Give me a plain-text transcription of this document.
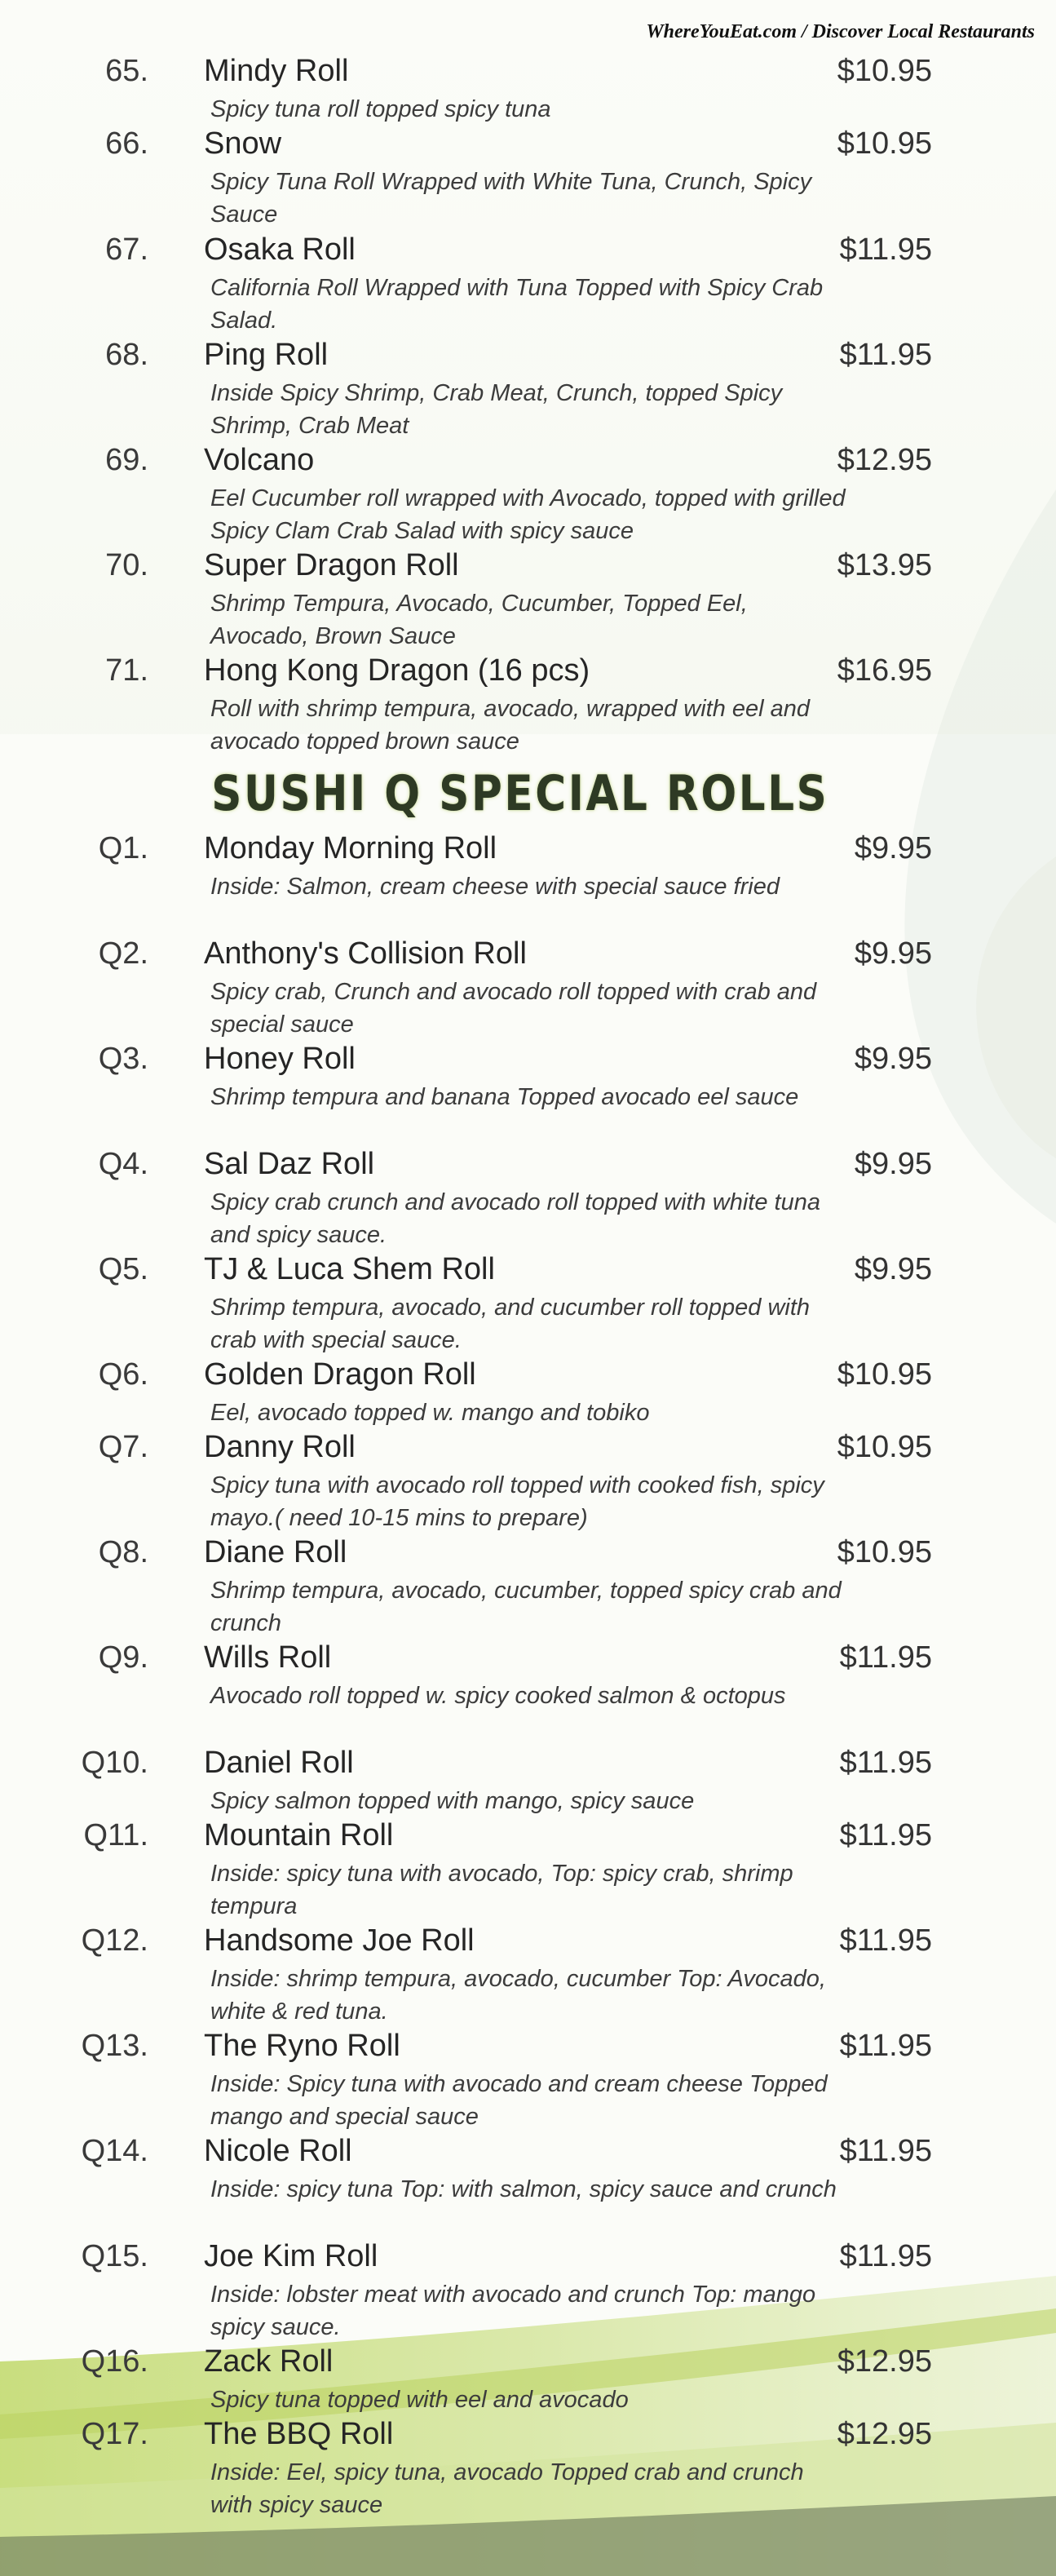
WhereYouEat.com / Discover Local Restaurants
65. Mindy Roll	$10.95
Spicy tuna roll topped spicy tuna
66. Snow	$10.95
Spicy Tuna Roll Wrapped with White Tuna, Crunch, Spicy Sauce
67. Osaka Roll	$11.95
California Roll Wrapped with Tuna Topped with Spicy Crab Salad.
68. Ping Roll	$11.95
Inside Spicy Shrimp, Crab Meat, Crunch, topped Spicy Shrimp, Crab Meat
69. Volcano	$12.95
Eel Cucumber roll wrapped with Avocado, topped with grilled Spicy Clam Crab Salad with spicy sauce
70. Super Dragon Roll	$13.95
Shrimp Tempura, Avocado, Cucumber, Topped Eel, Avocado, Brown Sauce
71. Hong Kong Dragon (16 pcs)	$16.95
Roll with shrimp tempura, avocado, wrapped with eel and avocado topped brown sauce
SUSHI Q SPECIAL ROLLS
Q1. Monday Morning Roll	$9.95
Inside: Salmon, cream cheese with special sauce fried
Q2. Anthony's Collision Roll	$9.95
Spicy crab, Crunch and avocado roll topped with crab and special sauce
Q3. Honey Roll	$9.95
Shrimp tempura and banana Topped avocado eel sauce
Q4. Sal Daz Roll	$9.95
Spicy crab crunch and avocado roll topped with white tuna and spicy sauce.
Q5. TJ & Luca Shem Roll	$9.95
Shrimp tempura, avocado, and cucumber roll topped with crab with special sauce.
Q6. Golden Dragon Roll	$10.95
Eel, avocado topped w. mango and tobiko
Q7. Danny Roll	$10.95
Spicy tuna with avocado roll topped with cooked fish, spicy mayo.( need 10-15 mins to prepare)
Q8. Diane Roll	$10.95
Shrimp tempura, avocado, cucumber, topped spicy crab and crunch
Q9. Wills Roll	$11.95
Avocado roll topped w. spicy cooked salmon & octopus
Q10. Daniel Roll	$11.95
Spicy salmon topped with mango, spicy sauce
Q11. Mountain Roll	$11.95
Inside: spicy tuna with avocado, Top: spicy crab, shrimp tempura
Q12. Handsome Joe Roll	$11.95
Inside: shrimp tempura, avocado, cucumber Top: Avocado, white & red tuna.
Q13. The Ryno Roll	$11.95
Inside: Spicy tuna with avocado and cream cheese Topped mango and special sauce
Q14. Nicole Roll	$11.95
Inside: spicy tuna Top: with salmon, spicy sauce and crunch
Q15. Joe Kim Roll	$11.95
Inside: lobster meat with avocado and crunch Top: mango spicy sauce.
Q16. Zack Roll	$12.95
Spicy tuna topped with eel and avocado
Q17. The BBQ Roll	$12.95
Inside: Eel, spicy tuna, avocado Topped crab and crunch with spicy sauce
